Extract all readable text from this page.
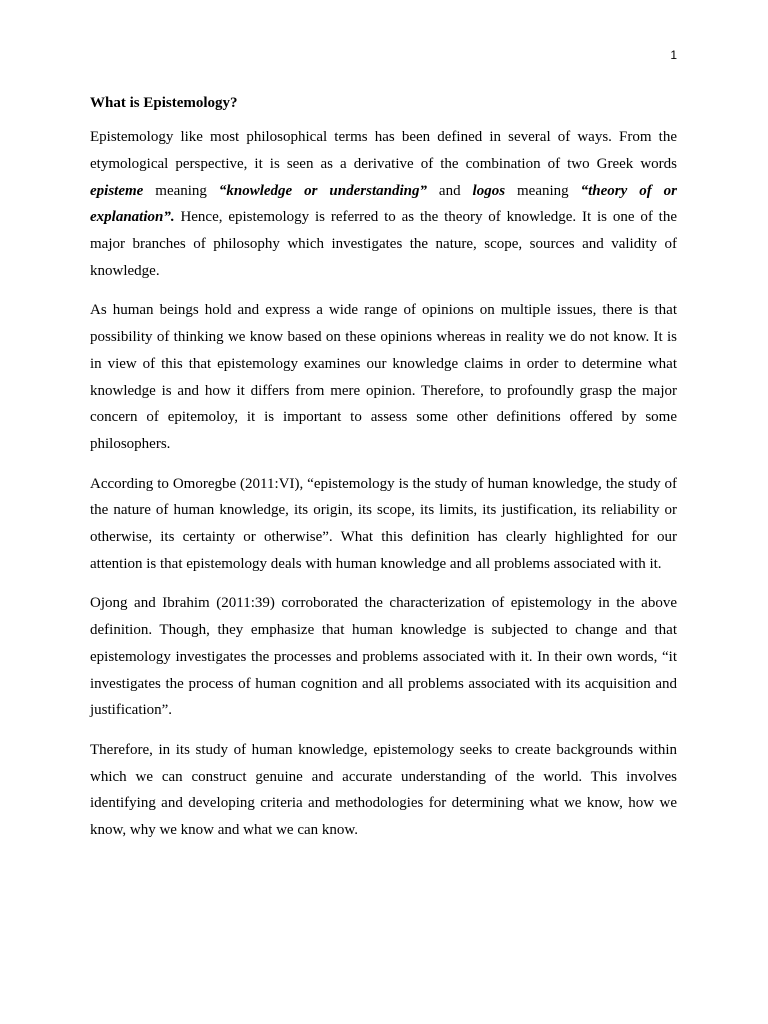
1
What is Epistemology?

Epistemology like most philosophical terms has been defined in several of ways. From the etymological perspective, it is seen as a derivative of the combination of two Greek words episteme meaning “knowledge or understanding” and logos meaning “theory of or explanation”. Hence, epistemology is referred to as the theory of knowledge. It is one of the major branches of philosophy which investigates the nature, scope, sources and validity of knowledge.

As human beings hold and express a wide range of opinions on multiple issues, there is that possibility of thinking we know based on these opinions whereas in reality we do not know. It is in view of this that epistemology examines our knowledge claims in order to determine what knowledge is and how it differs from mere opinion. Therefore, to profoundly grasp the major concern of epitemoloy, it is important to assess some other definitions offered by some philosophers.

According to Omoregbe (2011:VI), “epistemology is the study of human knowledge, the study of the nature of human knowledge, its origin, its scope, its limits, its justification, its reliability or otherwise, its certainty or otherwise”. What this definition has clearly highlighted for our attention is that epistemology deals with human knowledge and all problems associated with it.

Ojong and Ibrahim (2011:39) corroborated the characterization of epistemology in the above definition. Though, they emphasize that human knowledge is subjected to change and that epistemology investigates the processes and problems associated with it. In their own words, “it investigates the process of human cognition and all problems associated with its acquisition and justification”.

Therefore, in its study of human knowledge, epistemology seeks to create backgrounds within which we can construct genuine and accurate understanding of the world. This involves identifying and developing criteria and methodologies for determining what we know, how we know, why we know and what we can know.
